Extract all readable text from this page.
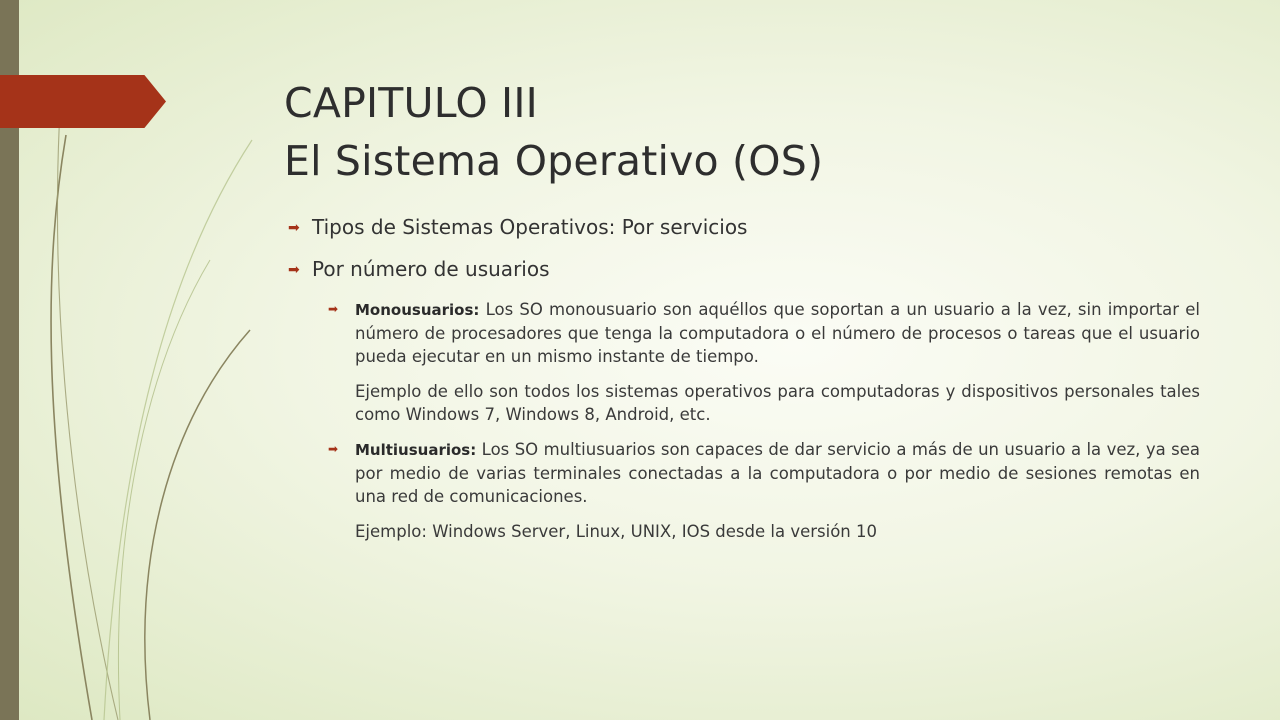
CAPITULO III
El Sistema Operativo (OS)
➡ Tipos de Sistemas Operativos: Por servicios
➡ Por número de usuarios
➡ Monousuarios: Los SO monousuario son aquéllos que soportan a un usuario a la vez, sin importar el número de procesadores que tenga la computadora o el número de procesos o tareas que el usuario pueda ejecutar en un mismo instante de tiempo.
Ejemplo de ello son todos los sistemas operativos para computadoras y dispositivos personales tales como Windows 7, Windows 8, Android, etc.
➡ Multiusuarios: Los SO multiusuarios son capaces de dar servicio a más de un usuario a la vez, ya sea por medio de varias terminales conectadas a la computadora o por medio de sesiones remotas en una red de comunicaciones.
Ejemplo: Windows Server, Linux, UNIX, IOS desde la versión 10
